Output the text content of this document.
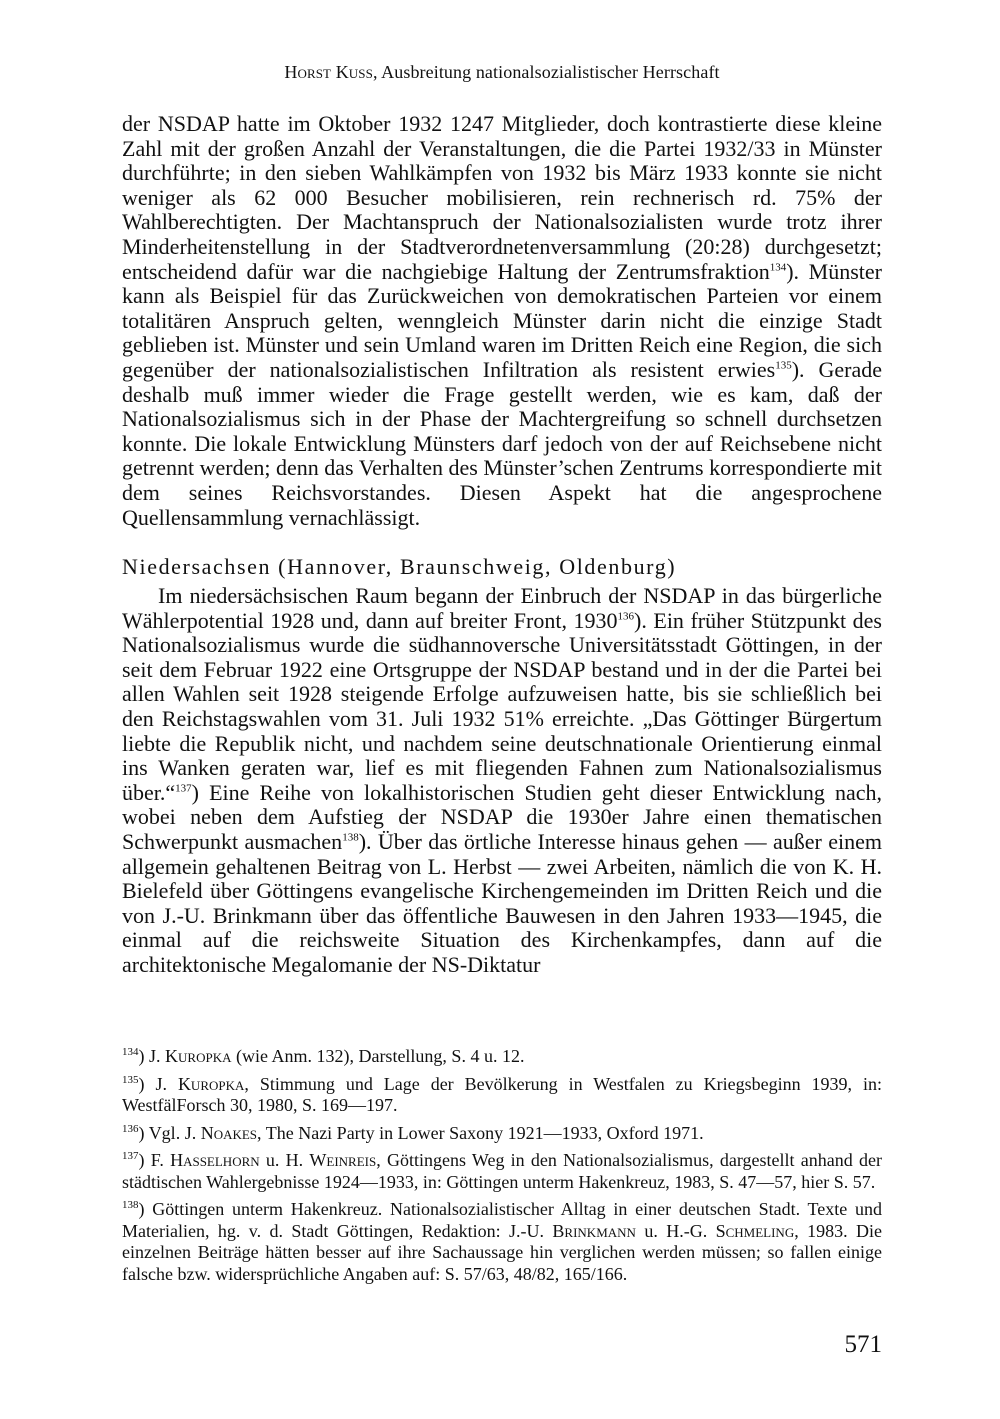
Horst Kuss, Ausbreitung nationalsozialistischer Herrschaft

der NSDAP hatte im Oktober 1932 1247 Mitglieder, doch kontrastierte diese kleine Zahl mit der großen Anzahl der Veranstaltungen, die die Partei 1932/33 in Münster durchführte; in den sieben Wahlkämpfen von 1932 bis März 1933 konnte sie nicht weniger als 62 000 Besucher mobilisieren, rein rechnerisch rd. 75% der Wahlberechtigten. Der Machtanspruch der Nationalsozialisten wurde trotz ihrer Minderheitenstellung in der Stadtverordnetenversammlung (20:28) durchgesetzt; entscheidend dafür war die nachgiebige Haltung der Zentrumsfraktion$^{134}$). Münster kann als Beispiel für das Zurückweichen von demokratischen Parteien vor einem totalitären Anspruch gelten, wenngleich Münster darin nicht die einzige Stadt geblieben ist. Münster und sein Umland waren im Dritten Reich eine Region, die sich gegenüber der nationalsozialistischen Infiltration als resistent erwies$^{135}$). Gerade deshalb muß immer wieder die Frage gestellt werden, wie es kam, daß der Nationalsozialismus sich in der Phase der Machtergreifung so schnell durchsetzen konnte. Die lokale Entwicklung Münsters darf jedoch von der auf Reichsebene nicht getrennt werden; denn das Verhalten des Münster’schen Zentrums korrespondierte mit dem seines Reichsvorstandes. Diesen Aspekt hat die angesprochene Quellensammlung vernachlässigt.

Niedersachsen (Hannover, Braunschweig, Oldenburg)

Im niedersächsischen Raum begann der Einbruch der NSDAP in das bürgerliche Wählerpotential 1928 und, dann auf breiter Front, 1930$^{136}$). Ein früher Stützpunkt des Nationalsozialismus wurde die südhannoversche Universitätsstadt Göttingen, in der seit dem Februar 1922 eine Ortsgruppe der NSDAP bestand und in der die Partei bei allen Wahlen seit 1928 steigende Erfolge aufzuweisen hatte, bis sie schließlich bei den Reichstagswahlen vom 31. Juli 1932 51% erreichte. „Das Göttinger Bürgertum liebte die Republik nicht, und nachdem seine deutschnationale Orientierung einmal ins Wanken geraten war, lief es mit fliegenden Fahnen zum Nationalsozialismus über.“$^{137}$) Eine Reihe von lokalhistorischen Studien geht dieser Entwicklung nach, wobei neben dem Aufstieg der NSDAP die 1930er Jahre einen thematischen Schwerpunkt ausmachen$^{138}$). Über das örtliche Interesse hinaus gehen — außer einem allgemein gehaltenen Beitrag von L. Herbst — zwei Arbeiten, nämlich die von K. H. Bielefeld über Göttingens evangelische Kirchengemeinden im Dritten Reich und die von J.-U. Brinkmann über das öffentliche Bauwesen in den Jahren 1933—1945, die einmal auf die reichsweite Situation des Kirchenkampfes, dann auf die architektonische Megalomanie der NS-Diktatur

$^{134}$) J. Kuropka (wie Anm. 132), Darstellung, S. 4 u. 12.

$^{135}$) J. Kuropka, Stimmung und Lage der Bevölkerung in Westfalen zu Kriegsbeginn 1939, in: WestfälForsch 30, 1980, S. 169—197.

$^{136}$) Vgl. J. Noakes, The Nazi Party in Lower Saxony 1921—1933, Oxford 1971.

$^{137}$) F. Hasselhorn u. H. Weinreis, Göttingens Weg in den Nationalsozialismus, dargestellt anhand der städtischen Wahlergebnisse 1924—1933, in: Göttingen unterm Hakenkreuz, 1983, S. 47—57, hier S. 57.

$^{138}$) Göttingen unterm Hakenkreuz. Nationalsozialistischer Alltag in einer deutschen Stadt. Texte und Materialien, hg. v. d. Stadt Göttingen, Redaktion: J.-U. Brinkmann u. H.-G. Schmeling, 1983. Die einzelnen Beiträge hätten besser auf ihre Sachaussage hin verglichen werden müssen; so fallen einige falsche bzw. widersprüchliche Angaben auf: S. 57/63, 48/82, 165/166.

571
